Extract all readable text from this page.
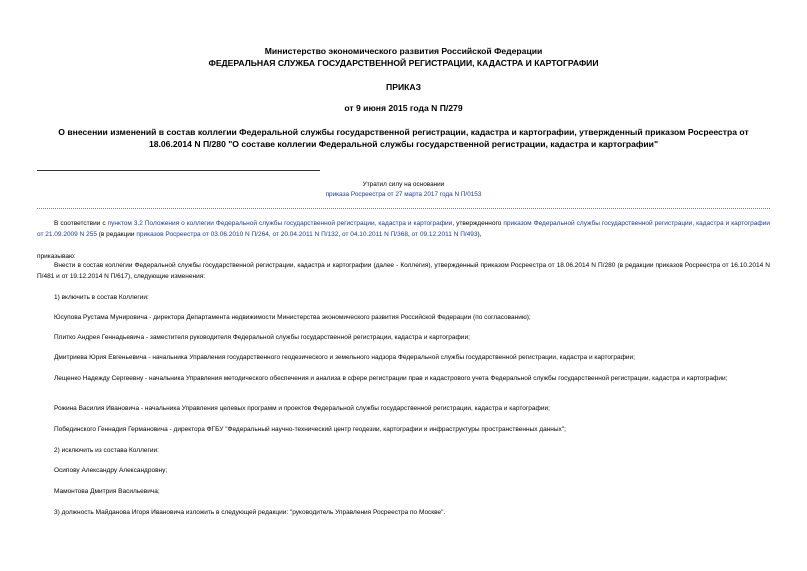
Министерство экономического развития Российской Федерации
ФЕДЕРАЛЬНАЯ СЛУЖБА ГОСУДАРСТВЕННОЙ РЕГИСТРАЦИИ, КАДАСТРА И КАРТОГРАФИИ
ПРИКАЗ
от 9 июня 2015 года N П/279
О внесении изменений в состав коллегии Федеральной службы государственной регистрации, кадастра и картографии, утвержденный приказом Росреестра от
18.06.2014 N П/280 "О составе коллегии Федеральной службы государственной регистрации, кадастра и картографии"
Утратил силу на основании
приказа Росреестра от 27 марта 2017 года N П/0153
В соответствии с пунктом 3.2 Положения о коллегии Федеральной службы государственной регистрации, кадастра и картографии, утвержденного приказом Федеральной службы государственной регистрации, кадастра и картографии от 21.09.2009 N 255 (в редакции приказов Росреестра от 03.06.2010 N П/264, от 20.04.2011 N П/132, от 04.10.2011 N П/368, от 09.12.2011 N П/493),
приказываю:
Внести в состав коллегии Федеральной службы государственной регистрации, кадастра и картографии (далее - Коллегия), утвержденный приказом Росреестра от 18.06.2014 N П/280 (в редакции приказов Росреестра от 16.10.2014 N П/481 и от 19.12.2014 N П/617), следующие изменения:
1) включить в состав Коллегии:
Юсупова Рустама Мунировича - директора Департамента недвижимости Министерства экономического развития Российской Федерации (по согласованию);
Плитко Андрея Геннадьевича - заместителя руководителя Федеральной службы государственной регистрации, кадастра и картографии;
Дмитриева Юрия Евгеньевича - начальника Управления государственного геодезического и земельного надзора Федеральной службы государственной регистрации, кадастра и картографии;
Лещенко Надежду Сергеевну - начальника Управления методического обеспечения и анализа в сфере регистрации прав и кадастрового учета Федеральной службы государственной регистрации, кадастра и картографии;
Рожина Василия Ивановича - начальника Управления целевых программ и проектов Федеральной службы государственной регистрации, кадастра и картографии;
Побединского Геннадия Германовича - директора ФГБУ "Федеральный научно-технический центр геодезии, картографии и инфраструктуры пространственных данных";
2) исключить из состава Коллегии:
Осипову Александру Александровну;
Мамонтова Дмитрия Васильевича;
3) должность Майданова Игоря Ивановича изложить в следующей редакции: "руководитель Управления Росреестра по Москве".
